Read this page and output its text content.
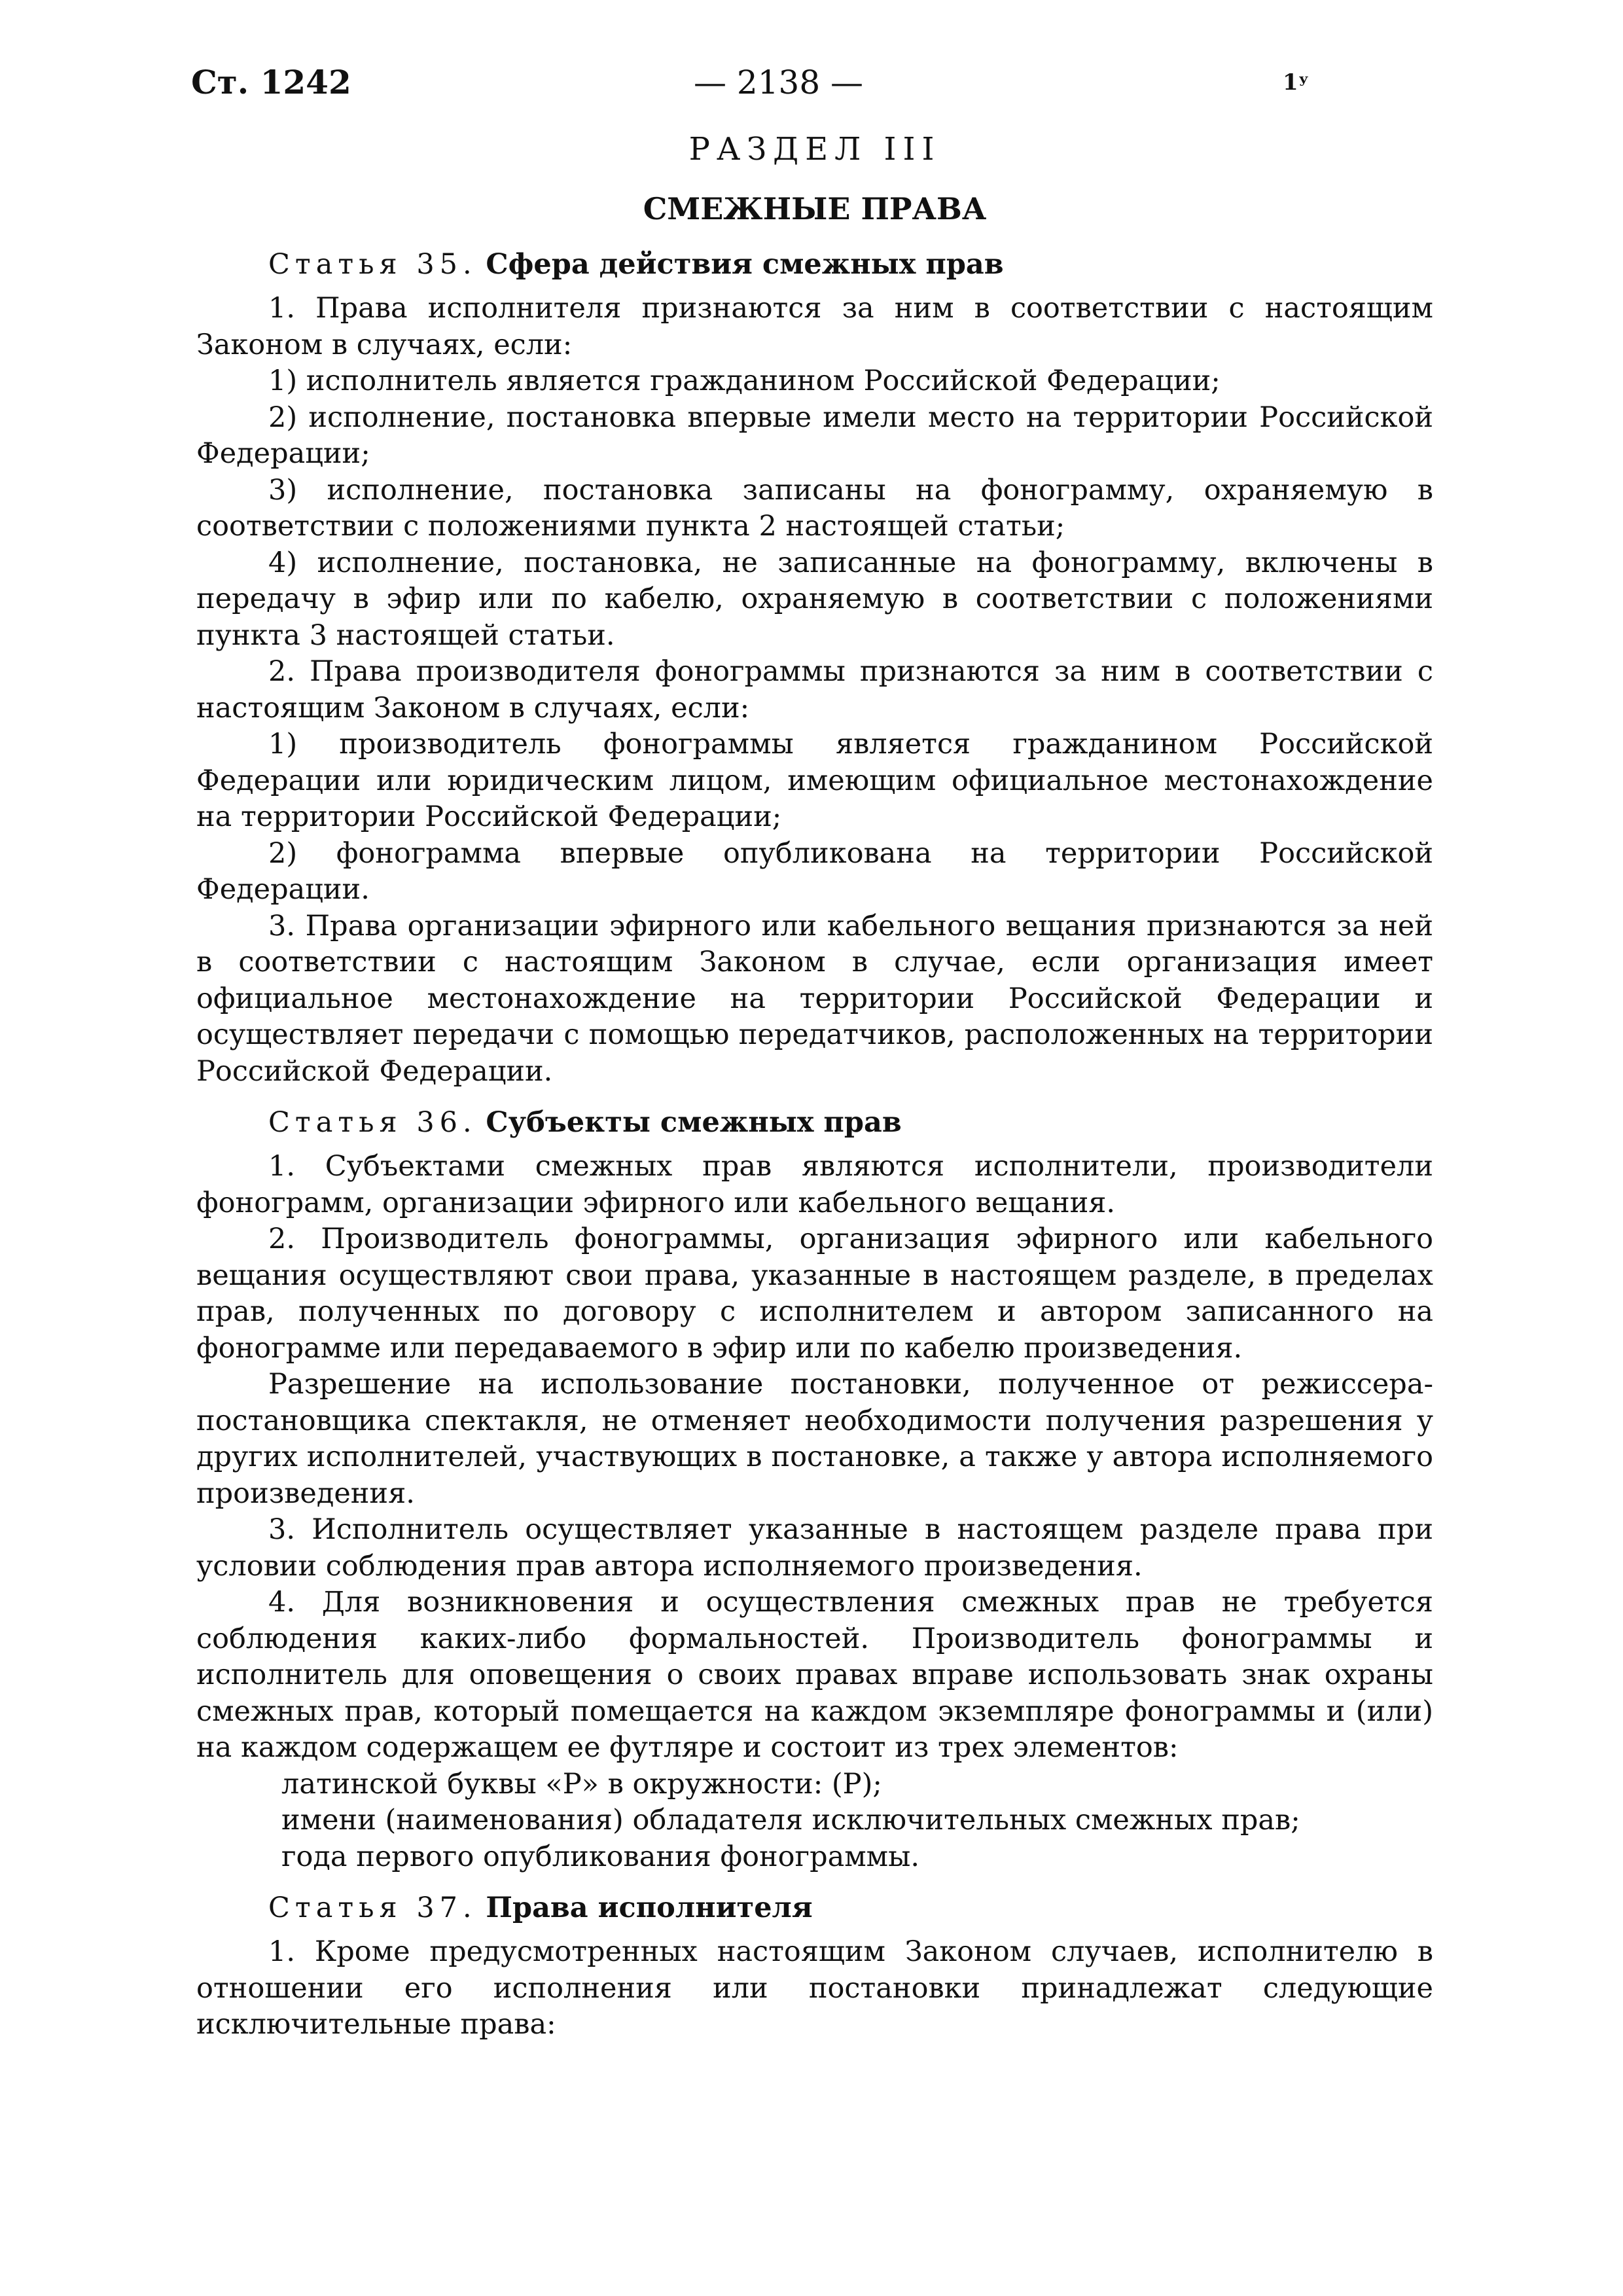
Ст. 1242	— 2138 —	1ʸ
РАЗДЕЛ III
СМЕЖНЫЕ ПРАВА
Статья 35. Сфера действия смежных прав

1. Права исполнителя признаются за ним в соответствии с настоящим Законом в случаях, если:

1) исполнитель является гражданином Российской Федерации;

2) исполнение, постановка впервые имели место на территории Российской Федерации;

3) исполнение, постановка записаны на фонограмму, охраняемую в соответствии с положениями пункта 2 настоящей статьи;

4) исполнение, постановка, не записанные на фонограмму, включены в передачу в эфир или по кабелю, охраняемую в соответствии с положениями пункта 3 настоящей статьи.

2. Права производителя фонограммы признаются за ним в соответствии с настоящим Законом в случаях, если:

1) производитель фонограммы является гражданином Российской Федерации или юридическим лицом, имеющим официальное местонахождение на территории Российской Федерации;

2) фонограмма впервые опубликована на территории Российской Федерации.

3. Права организации эфирного или кабельного вещания признаются за ней в соответствии с настоящим Законом в случае, если организация имеет официальное местонахождение на территории Российской Федерации и осуществляет передачи с помощью передатчиков, расположенных на территории Российской Федерации.

Статья 36. Субъекты смежных прав

1. Субъектами смежных прав являются исполнители, производители фонограмм, организации эфирного или кабельного вещания.

2. Производитель фонограммы, организация эфирного или кабельного вещания осуществляют свои права, указанные в настоящем разделе, в пределах прав, полученных по договору с исполнителем и автором записанного на фонограмме или передаваемого в эфир или по кабелю произведения.

Разрешение на использование постановки, полученное от режиссера-постановщика спектакля, не отменяет необходимости получения разрешения у других исполнителей, участвующих в постановке, а также у автора исполняемого произведения.

3. Исполнитель осуществляет указанные в настоящем разделе права при условии соблюдения прав автора исполняемого произведения.

4. Для возникновения и осуществления смежных прав не требуется соблюдения каких-либо формальностей. Производитель фонограммы и исполнитель для оповещения о своих правах вправе использовать знак охраны смежных прав, который помещается на каждом экземпляре фонограммы и (или) на каждом содержащем ее футляре и состоит из трех элементов:

латинской буквы «P» в окружности: (P);

имени (наименования) обладателя исключительных смежных прав;

года первого опубликования фонограммы.

Статья 37. Права исполнителя

1. Кроме предусмотренных настоящим Законом случаев, исполнителю в отношении его исполнения или постановки принадлежат следующие исключительные права:
